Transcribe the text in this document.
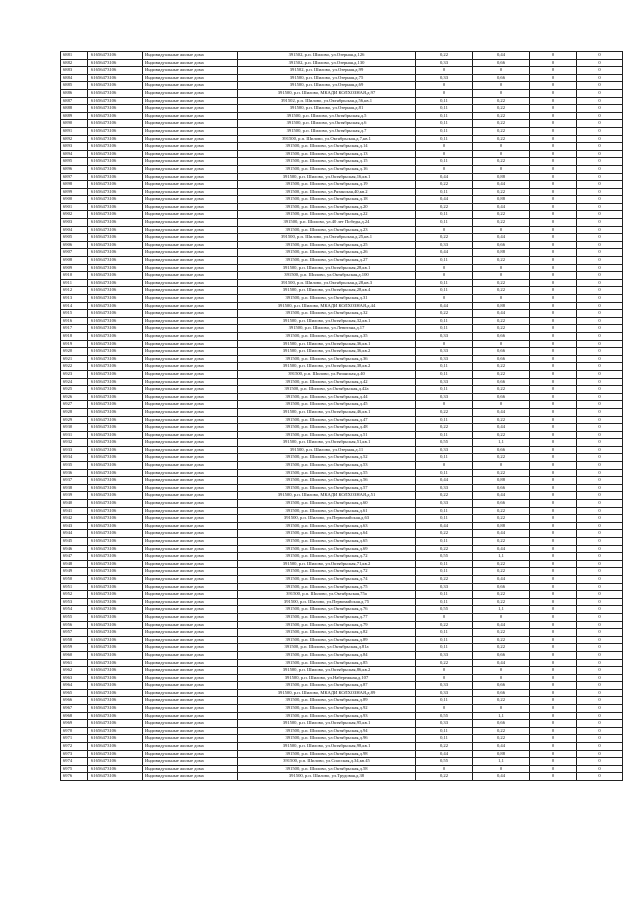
6881	61656473106	Индивидуальные жилые дома	391502, р.п. Шилово, ул.Озерная,д.126	0,22	0,44	0	0
6882	61656473106	Индивидуальные жилые дома	391502, р.п. Шилово, ул.Озерная,д.130	0,33	0,66	0	0
6883	61656473106	Индивидуальные жилые дома	391502, р.п. Шилово, ул.Озерная,д.99	0	0	0	0
6884	61656473106	Индивидуальные жилые дома	391500, р.п. Шилово, ул.Озерная,д.75	0,33	0,66	0	0
6885	61656473106	Индивидуальные жилые дома	391500, р.п. Шилово, ул.Озерная,д.69	0	0	0	0
6886	61656473106	Индивидуальные жилые дома	391500, р.п. Шилово, МКАДИ КОЛХОЗНАЯ,д.97	0	0	0	0
6887	61656473106	Индивидуальные жилые дома	391502, р.п. Шилово, ул.Октябрьская,д.56,кв.1	0,11	0,22	0	0
6888	61656473106	Индивидуальные жилые дома	391500, р.п. Шилово, ул.Озерная,д.81	0,11	0,22	0	0
6889	61656473106	Индивидуальные жилые дома	391500, р.п. Шилово, ул.Октябрьская,д.5	0,11	0,22	0	0
6890	61656473106	Индивидуальные жилые дома	391500, р.п. Шилово, ул.Октябрьская,д.6	0,11	0,22	0	0
6891	61656473106	Индивидуальные жилые дома	391500, р.п. Шилово, ул.Октябрьская,д.7	0,11	0,22	0	0
6892	61656473106	Индивидуальные жилые дома	391500, р.п. Шилово, ул.Октябрьская,д.7,кв.1	0,11	0,22	0	0
6893	61656473106	Индивидуальные жилые дома	391500, р.п. Шилово, ул.Октябрьская,д.14	0	0	0	0
6894	61656473106	Индивидуальные жилые дома	391500, р.п. Шилово, ул.Октябрьская,д.13	0	0	0	0
6895	61656473106	Индивидуальные жилые дома	391500, р.п. Шилово, ул.Октябрьская,д.15	0,11	0,22	0	0
6896	61656473106	Индивидуальные жилые дома	391500, р.п. Шилово, ул.Октябрьская,д.16	0	0	0	0
6897	61656473106	Индивидуальные жилые дома	391500, р.п. Шилово, ул.Октябрьская,16,кв.1	0,44	0,88	0	0
6898	61656473106	Индивидуальные жилые дома	391500, р.п. Шилово, ул.Октябрьская,д.19	0,22	0,44	0	0
6899	61656473106	Индивидуальные жилые дома	391500, р.п. Шилово, ул.Рязанская,40,кв.2	0,11	0,22	0	0
6900	61656473106	Индивидуальные жилые дома	391500, р.п. Шилово, ул.Октябрьская,д.18	0,44	0,88	0	0
6901	61656473106	Индивидуальные жилые дома	391500, р.п. Шилово, ул.Октябрьская,д.20	0,22	0,44	0	0
6902	61656473106	Индивидуальные жилые дома	391500, р.п. Шилово, ул.Октябрьская,д.22	0,11	0,22	0	0
6903	61656473106	Индивидуальные жилые дома	391500, р.п. Шилово, ул.40 лет Победы,д.24	0,11	0,22	0	0
6904	61656473106	Индивидуальные жилые дома	391500, р.п. Шилово, ул.Октябрьская,д.23	0	0	0	0
6905	61656473106	Индивидуальные жилые дома	391500, р.п. Шилово, ул.Октябрьская,д.25,кв.1	0,22	0,44	0	0
6906	61656473106	Индивидуальные жилые дома	391500, р.п. Шилово, ул.Октябрьская,д.25	0,33	0,66	0	0
6907	61656473106	Индивидуальные жилые дома	391500, р.п. Шилово, ул.Октябрьская,д.26	0,44	0,88	0	0
6908	61656473106	Индивидуальные жилые дома	391500, р.п. Шилово, ул.Октябрьская,д.27	0,11	0,22	0	0
6909	61656473106	Индивидуальные жилые дома	391500, р.п. Шилово, ул.Октябрьская,28,кв.1	0	0	0	0
6910	61656473106	Индивидуальные жилые дома	391500, р.п. Шилово, ул.Октябрьская,д.100	0	0	0	0
6911	61656473106	Индивидуальные жилые дома	391500, р.п. Шилово, ул.Октябрьская,д.28,кв.3	0,11	0,22	0	0
6912	61656473106	Индивидуальные жилые дома	391500, р.п. Шилово, ул.Октябрьская,28,кв.4	0,11	0,22	0	0
6913	61656473106	Индивидуальные жилые дома	391500, р.п. Шилово, ул.Октябрьская,д.31	0	0	0	0
6914	61656473106	Индивидуальные жилые дома	391500, р.п. Шилово, МКАДИ КОЛХОЗНАЯ,д.44	0,44	0,88	0	0
6915	61656473106	Индивидуальные жилые дома	391500, р.п. Шилово, ул.Октябрьская,д.32	0,22	0,44	0	0
6916	61656473106	Индивидуальные жилые дома	391500, р.п. Шилово, ул.Октябрьская,32,кв.1	0,11	0,22	0	0
6917	61656473106	Индивидуальные жилые дома	391500, р.п. Шилово, ул.Левитана,д.17	0,11	0,22	0	0
6918	61656473106	Индивидуальные жилые дома	391500, р.п. Шилово, ул.Октябрьская,д.35	0,33	0,66	0	0
6919	61656473106	Индивидуальные жилые дома	391500, р.п. Шилово, ул.Октябрьская,36,кв.1	0	0	0	0
6920	61656473106	Индивидуальные жилые дома	391500, р.п. Шилово, ул.Октябрьская,36,кв.2	0,33	0,66	0	0
6921	61656473106	Индивидуальные жилые дома	391500, р.п. Шилово, ул.Октябрьская,д.36	0,33	0,66	0	0
6922	61656473106	Индивидуальные жилые дома	391500, р.п. Шилово, ул.Октябрьская,38,кв.2	0,11	0,22	0	0
6923	61656473106	Индивидуальные жилые дома	391500, р.п. Шилово, ул.Рязанская,д.40	0,11	0,22	0	0
6924	61656473106	Индивидуальные жилые дома	391500, р.п. Шилово, ул.Октябрьская,д.42	0,33	0,66	0	0
6925	61656473106	Индивидуальные жилые дома	391500, р.п. Шилово, ул.Октябрьская,д.42а	0,11	0,22	0	0
6926	61656473106	Индивидуальные жилые дома	391500, р.п. Шилово, ул.Октябрьская,д.44	0,33	0,66	0	0
6927	61656473106	Индивидуальные жилые дома	391500, р.п. Шилово, ул.Октябрьская,д.45	0	0	0	0
6928	61656473106	Индивидуальные жилые дома	391500, р.п. Шилово, ул.Октябрьская,46,кв.1	0,22	0,44	0	0
6929	61656473106	Индивидуальные жилые дома	391500, р.п. Шилово, ул.Октябрьская,д.47	0,11	0,22	0	0
6930	61656473106	Индивидуальные жилые дома	391500, р.п. Шилово, ул.Октябрьская,д.48	0,22	0,44	0	0
6931	61656473106	Индивидуальные жилые дома	391500, р.п. Шилово, ул.Октябрьская,д.51	0,11	0,22	0	0
6932	61656473106	Индивидуальные жилые дома	391500, р.п. Шилово, ул.Октябрьская,51,кв.1	0,55	1,1	0	0
6933	61656473106	Индивидуальные жилые дома	391500, р.п. Шилово, ул.Озерная,д.11	0,33	0,66	0	0
6934	61656473106	Индивидуальные жилые дома	391500, р.п. Шилово, ул.Октябрьская,д.52	0,11	0,22	0	0
6935	61656473106	Индивидуальные жилые дома	391500, р.п. Шилово, ул.Октябрьская,д.53	0	0	0	0
6936	61656473106	Индивидуальные жилые дома	391500, р.п. Шилово, ул.Октябрьская,д.55	0,11	0,22	0	0
6937	61656473106	Индивидуальные жилые дома	391500, р.п. Шилово, ул.Октябрьская,д.56	0,44	0,88	0	0
6938	61656473106	Индивидуальные жилые дома	391500, р.п. Шилово, ул.Октябрьская,д.57	0,33	0,66	0	0
6939	61656473106	Индивидуальные жилые дома	391500, р.п. Шилово, МКАДИ КОЛХОЗНАЯ,д.51	0,22	0,44	0	0
6940	61656473106	Индивидуальные жилые дома	391500, р.п. Шилово, ул.Октябрьская,д.60	0,33	0,66	0	0
6941	61656473106	Индивидуальные жилые дома	391500, р.п. Шилово, ул.Октябрьская,д.61	0,11	0,22	0	0
6942	61656473106	Индивидуальные жилые дома	391500, р.п. Шилово, ул.Первомайская,д.63	0,11	0,22	0	0
6943	61656473106	Индивидуальные жилые дома	391500, р.п. Шилово, ул.Октябрьская,д.63	0,44	0,88	0	0
6944	61656473106	Индивидуальные жилые дома	391500, р.п. Шилово, ул.Октябрьская,д.64	0,22	0,44	0	0
6945	61656473106	Индивидуальные жилые дома	391500, р.п. Шилово, ул.Октябрьская,д.65	0,11	0,22	0	0
6946	61656473106	Индивидуальные жилые дома	391500, р.п. Шилово, ул.Октябрьская,д.69	0,22	0,44	0	0
6947	61656473106	Индивидуальные жилые дома	391500, р.п. Шилово, ул.Октябрьская,д.72	0,55	1,1	0	0
6948	61656473106	Индивидуальные жилые дома	391500, р.п. Шилово, ул.Октябрьская,71,кв.2	0,11	0,22	0	0
6949	61656473106	Индивидуальные жилые дома	391500, р.п. Шилово, ул.Октябрьская,д.72	0,11	0,22	0	0
6950	61656473106	Индивидуальные жилые дома	391500, р.п. Шилово, ул.Октябрьская,д.74	0,22	0,44	0	0
6951	61656473106	Индивидуальные жилые дома	391500, р.п. Шилово, ул.Октябрьская,д.75	0,33	0,66	0	0
6952	61656473106	Индивидуальные жилые дома	391500, р.п. Шилово, ул.Октябрьская,75а	0,11	0,22	0	0
6953	61656473106	Индивидуальные жилые дома	391500, р.п. Шилово, ул.Первомайская,д.75	0,11	0,22	0	0
6954	61656473106	Индивидуальные жилые дома	391500, р.п. Шилово, ул.Октябрьская,д.76	0,55	1,1	0	0
6955	61656473106	Индивидуальные жилые дома	391500, р.п. Шилово, ул.Октябрьская,д.77	0	0	0	0
6956	61656473106	Индивидуальные жилые дома	391500, р.п. Шилово, ул.Октябрьская,д.79	0,22	0,44	0	0
6957	61656473106	Индивидуальные жилые дома	391500, р.п. Шилово, ул.Октябрьская,д.82	0,11	0,22	0	0
6958	61656473106	Индивидуальные жилые дома	391500, р.п. Шилово, ул.Октябрьская,д.89	0,11	0,22	0	0
6959	61656473106	Индивидуальные жилые дома	391500, р.п. Шилово, ул.Октябрьская,д.81а	0,11	0,22	0	0
6960	61656473106	Индивидуальные жилые дома	391500, р.п. Шилово, ул.Октябрьская,д.84	0,33	0,66	0	0
6961	61656473106	Индивидуальные жилые дома	391500, р.п. Шилово, ул.Октябрьская,д.85	0,22	0,44	0	0
6962	61656473106	Индивидуальные жилые дома	391500, р.п. Шилово, ул.Октябрьская,86,кв.2	0	0	0	0
6963	61656473106	Индивидуальные жилые дома	391500, р.п. Шилово, ул.Набережная,д.107	0	0	0	0
6964	61656473106	Индивидуальные жилые дома	391500, р.п. Шилово, ул.Октябрьская,д.87	0,33	0,66	0	0
6965	61656473106	Индивидуальные жилые дома	391500, р.п. Шилово, МКАДИ КОЛХОЗНАЯ,д.89	0,33	0,66	0	0
6966	61656473106	Индивидуальные жилые дома	391500, р.п. Шилово, ул.Октябрьская,д.89	0,11	0,22	0	0
6967	61656473106	Индивидуальные жилые дома	391500, р.п. Шилово, ул.Октябрьская,д.92	0	0	0	0
6968	61656473106	Индивидуальные жилые дома	391500, р.п. Шилово, ул.Октябрьская,д.93	0,55	1,1	0	0
6969	61656473106	Индивидуальные жилые дома	391500, р.п. Шилово, ул.Октябрьская,95,кв.1	0,33	0,66	0	0
6970	61656473106	Индивидуальные жилые дома	391500, р.п. Шилово, ул.Октябрьская,д.94	0,11	0,22	0	0
6971	61656473106	Индивидуальные жилые дома	391500, р.п. Шилово, ул.Октябрьская,д.96	0,11	0,22	0	0
6972	61656473106	Индивидуальные жилые дома	391500, р.п. Шилово, ул.Октябрьская,98,кв.1	0,22	0,44	0	0
6973	61656473106	Индивидуальные жилые дома	391500, р.п. Шилово, ул.Октябрьская,д.98	0,44	0,88	0	0
6974	61656473106	Индивидуальные жилые дома	391500, р.п. Шилово, ул.Спасская,д.34,кв.45	0,55	1,1	0	0
6975	61656473106	Индивидуальные жилые дома	391500, р.п. Шилово, ул.Октябрьская,д.58	0	0	0	0
6976	61656473106	Индивидуальные жилые дома	391500, р.п. Шилово, ул.Трудовая,д.38	0,22	0,44	0	0
